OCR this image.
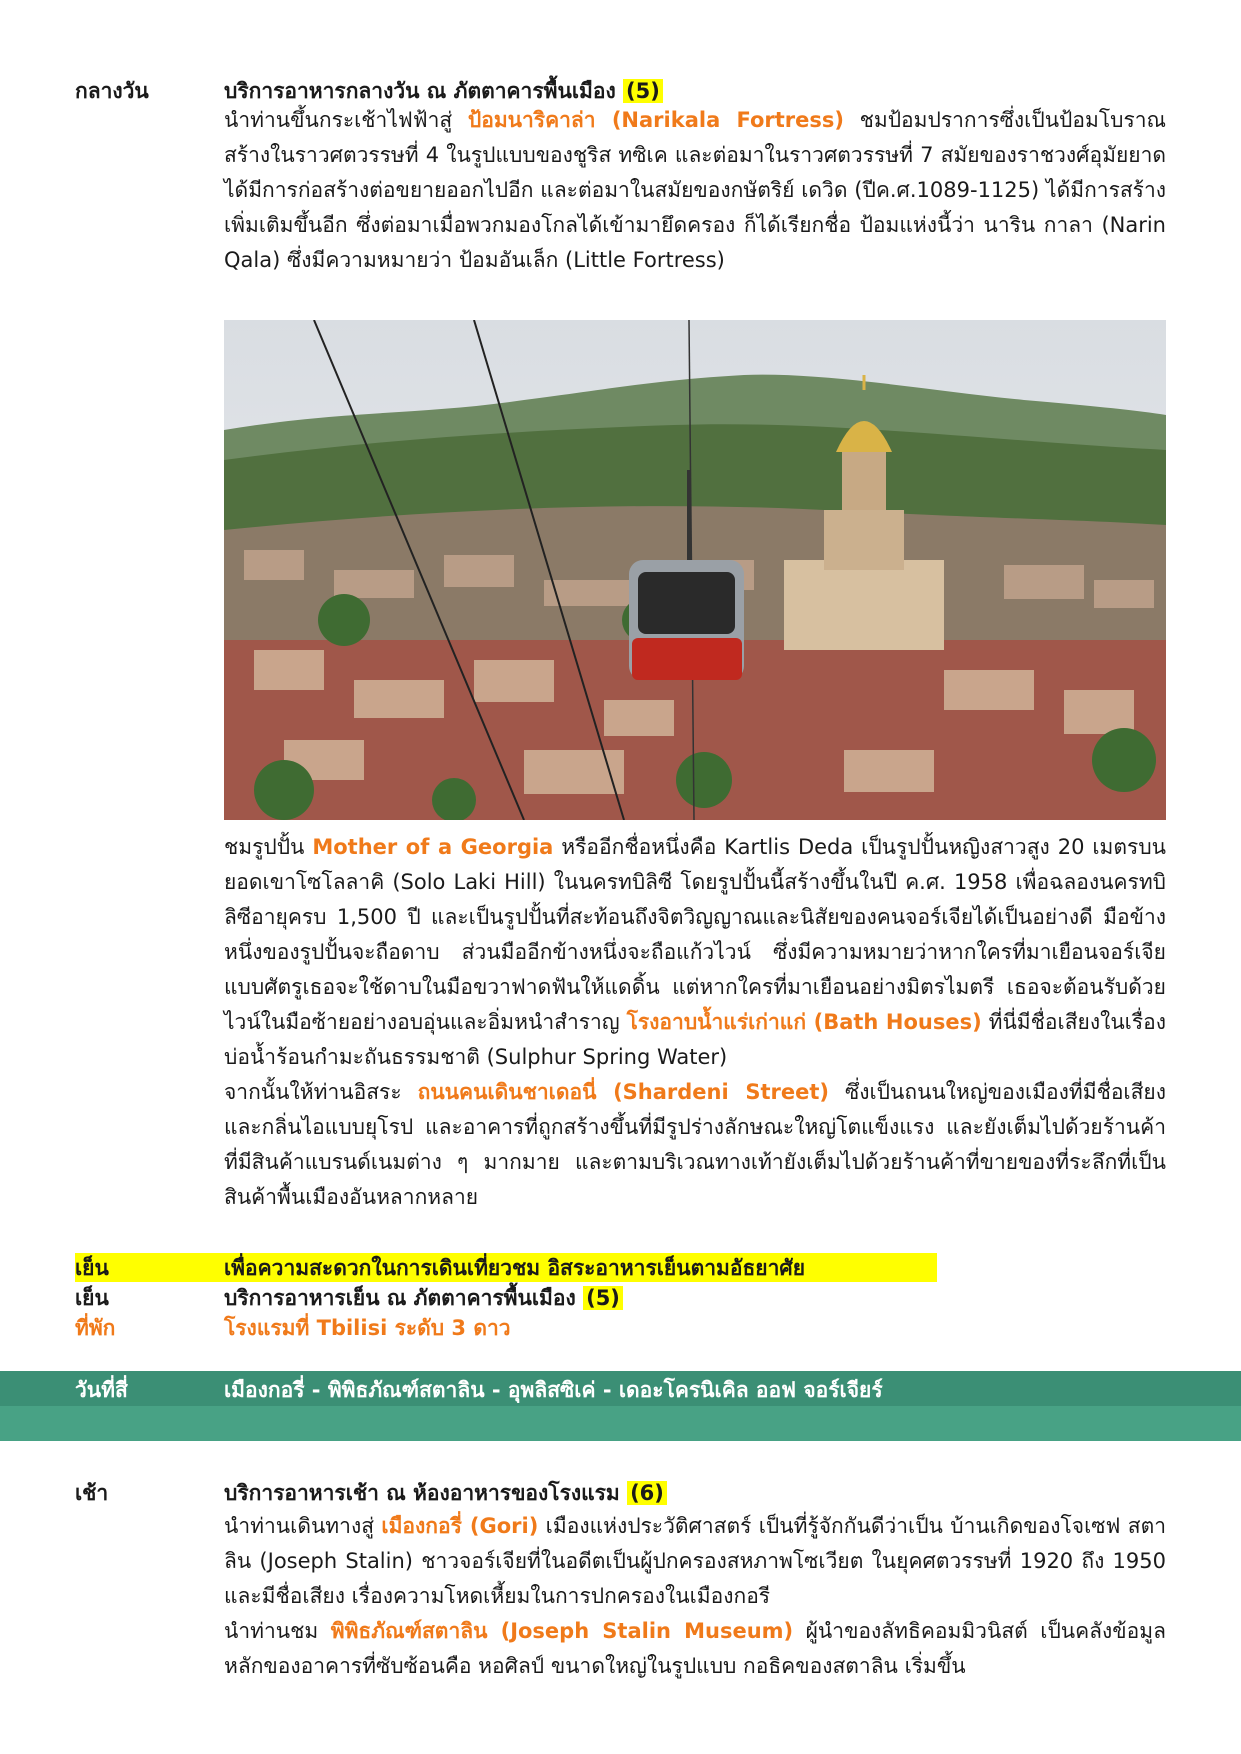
กลางวัน	บริการอาหารกลางวัน ณ ภัตตาคารพื้นเมือง (5)

นำท่านขึ้นกระเช้าไฟฟ้าสู่ ป้อมนาริคาล่า (Narikala Fortress) ชมป้อมปราการซึ่งเป็นป้อมโบราณ สร้างในราวศตวรรษที่ 4 ในรูปแบบของชูริส ทซิเค และต่อมาในราวศตวรรษที่ 7 สมัยของราชวงศ์อุมัยยาดได้มีการก่อสร้างต่อขยายออกไปอีก และต่อมาในสมัยของกษัตริย์ เดวิด (ปีค.ศ.1089-1125) ได้มีการสร้างเพิ่มเติมขึ้นอีก ซึ่งต่อมาเมื่อพวกมองโกลได้เข้ามายึดครอง ก็ได้เรียกชื่อ ป้อมแห่งนี้ว่า นาริน กาลา (Narin Qala) ซึ่งมีความหมายว่า ป้อมอันเล็ก (Little Fortress)

ชมรูปปั้น Mother of a Georgia หรืออีกชื่อหนึ่งคือ Kartlis Deda เป็นรูปปั้นหญิงสาวสูง 20 เมตรบนยอดเขาโซโลลาคิ (Solo Laki Hill) ในนครทบิลิซี โดยรูปปั้นนี้สร้างขึ้นในปี ค.ศ. 1958 เพื่อฉลองนครทบิลิซีอายุครบ 1,500 ปี และเป็นรูปปั้นที่สะท้อนถึงจิตวิญญาณและนิสัยของคนจอร์เจียได้เป็นอย่างดี มือข้างหนึ่งของรูปปั้นจะถือดาบ ส่วนมืออีกข้างหนึ่งจะถือแก้วไวน์ ซึ่งมีความหมายว่าหากใครที่มาเยือนจอร์เจียแบบศัตรูเธอจะใช้ดาบในมือขวาฟาดฟันให้แดดิ้น แต่หากใครที่มาเยือนอย่างมิตรไมตรี เธอจะต้อนรับด้วยไวน์ในมือซ้ายอย่างอบอุ่นและอิ่มหนำสำราญ โรงอาบน้ำแร่เก่าแก่ (Bath Houses) ที่นี่มีชื่อเสียงในเรื่องบ่อน้ำร้อนกำมะถันธรรมชาติ (Sulphur Spring Water)

จากนั้นให้ท่านอิสระ ถนนคนเดินชาเดอนี่ (Shardeni Street) ซึ่งเป็นถนนใหญ่ของเมืองที่มีชื่อเสียงและกลิ่นไอแบบยุโรป และอาคารที่ถูกสร้างขึ้นที่มีรูปร่างลักษณะใหญ่โตแข็งแรง และยังเต็มไปด้วยร้านค้าที่มีสินค้าแบรนด์เนมต่าง ๆ มากมาย และตามบริเวณทางเท้ายังเต็มไปด้วยร้านค้าที่ขายของที่ระลึกที่เป็นสินค้าพื้นเมืองอันหลากหลาย

เย็น	เพื่อความสะดวกในการเดินเที่ยวชม อิสระอาหารเย็นตามอัธยาศัย
เย็น	บริการอาหารเย็น ณ ภัตตาคารพื้นเมือง (5)
ที่พัก	โรงแรมที่ Tbilisi ระดับ 3 ดาว
วันที่สี่	เมืองกอรี่ - พิพิธภัณฑ์สตาลิน - อุพลิสซิเค่ - เดอะโครนิเคิล ออฟ จอร์เจียร์
เช้า	บริการอาหารเช้า ณ ห้องอาหารของโรงแรม (6)

นำท่านเดินทางสู่ เมืองกอรี่ (Gori) เมืองแห่งประวัติศาสตร์ เป็นที่รู้จักกันดีว่าเป็น บ้านเกิดของโจเซฟ สตาลิน (Joseph Stalin) ชาวจอร์เจียที่ในอดีตเป็นผู้ปกครองสหภาพโซเวียต ในยุคศตวรรษที่ 1920 ถึง 1950 และมีชื่อเสียง เรื่องความโหดเหี้ยมในการปกครองในเมืองกอรี

นำท่านชม พิพิธภัณฑ์สตาลิน (Joseph Stalin Museum) ผู้นำของลัทธิคอมมิวนิสต์ เป็นคลังข้อมูลหลักของอาคารที่ซับซ้อนคือ หอศิลป์ ขนาดใหญ่ในรูปแบบ กอธิคของสตาลิน เริ่มขึ้น
